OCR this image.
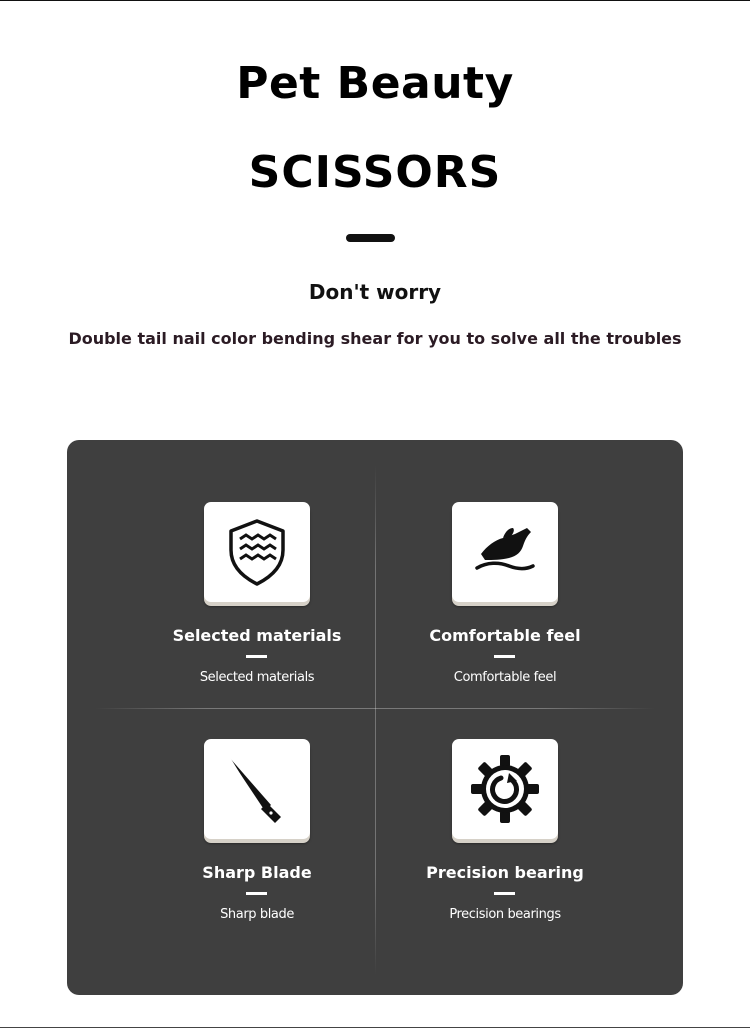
Pet Beauty
SCISSORS
Don't worry
Double tail nail color bending shear for you to solve all the troubles
Selected materials
Selected materials
Comfortable feel
Comfortable feel
Sharp Blade
Sharp blade
Precision bearing
Precision bearings
